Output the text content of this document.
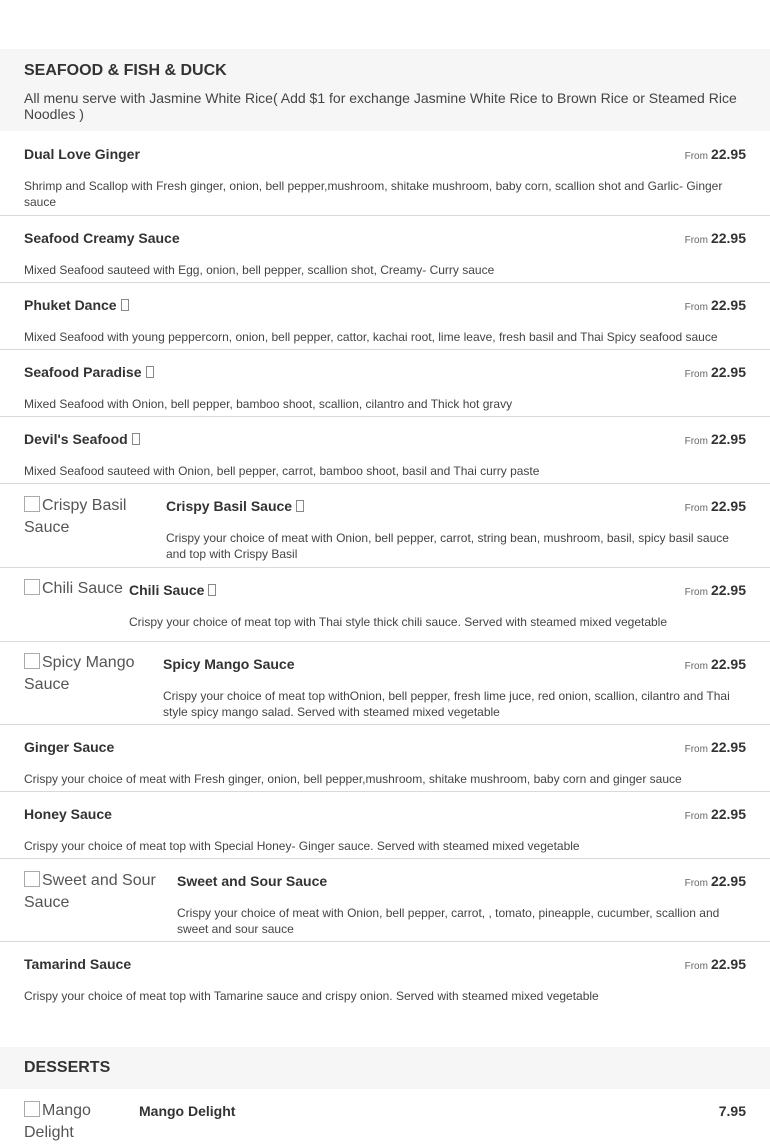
SEAFOOD & FISH & DUCK
All menu serve with Jasmine White Rice( Add $1 for exchange Jasmine White Rice to Brown Rice or Steamed Rice Noodles )
Dual Love Ginger	From 22.95
Shrimp and Scallop with Fresh ginger, onion, bell pepper,mushroom, shitake mushroom, baby corn, scallion shot and Garlic- Ginger sauce
Seafood Creamy Sauce	From 22.95
Mixed Seafood sauteed with Egg, onion, bell pepper, scallion shot, Creamy- Curry sauce
Phuket Dance	From 22.95
Mixed Seafood with young peppercorn, onion, bell pepper, cattor, kachai root, lime leave, fresh basil and Thai Spicy seafood sauce
Seafood Paradise	From 22.95
Mixed Seafood with Onion, bell pepper, bamboo shoot, scallion, cilantro and Thick hot gravy
Devil's Seafood	From 22.95
Mixed Seafood sauteed with Onion, bell pepper, carrot, bamboo shoot, basil and Thai curry paste
Crispy Basil Sauce
Crispy Basil Sauce	From 22.95
Crispy your choice of meat with Onion, bell pepper, carrot, string bean, mushroom, basil, spicy basil sauce and top with Crispy Basil
Chili Sauce Chili Sauce	From 22.95
Crispy your choice of meat top with Thai style thick chili sauce. Served with steamed mixed vegetable
Spicy Mango Sauce
Spicy Mango Sauce	From 22.95
Crispy your choice of meat top withOnion, bell pepper, fresh lime juce, red onion, scallion, cilantro and Thai style spicy mango salad. Served with steamed mixed vegetable
Ginger Sauce	From 22.95
Crispy your choice of meat with Fresh ginger, onion, bell pepper,mushroom, shitake mushroom, baby corn and ginger sauce
Honey Sauce	From 22.95
Crispy your choice of meat top with Special Honey- Ginger sauce. Served with steamed mixed vegetable
Sweet and Sour Sauce
Sweet and Sour Sauce	From 22.95
Crispy your choice of meat with Onion, bell pepper, carrot, , tomato, pineapple, cucumber, scallion and sweet and sour sauce
Tamarind Sauce	From 22.95
Crispy your choice of meat top with Tamarine sauce and crispy onion. Served with steamed mixed vegetable
DESSERTS
Mango Delight
Mango Delight	7.95
